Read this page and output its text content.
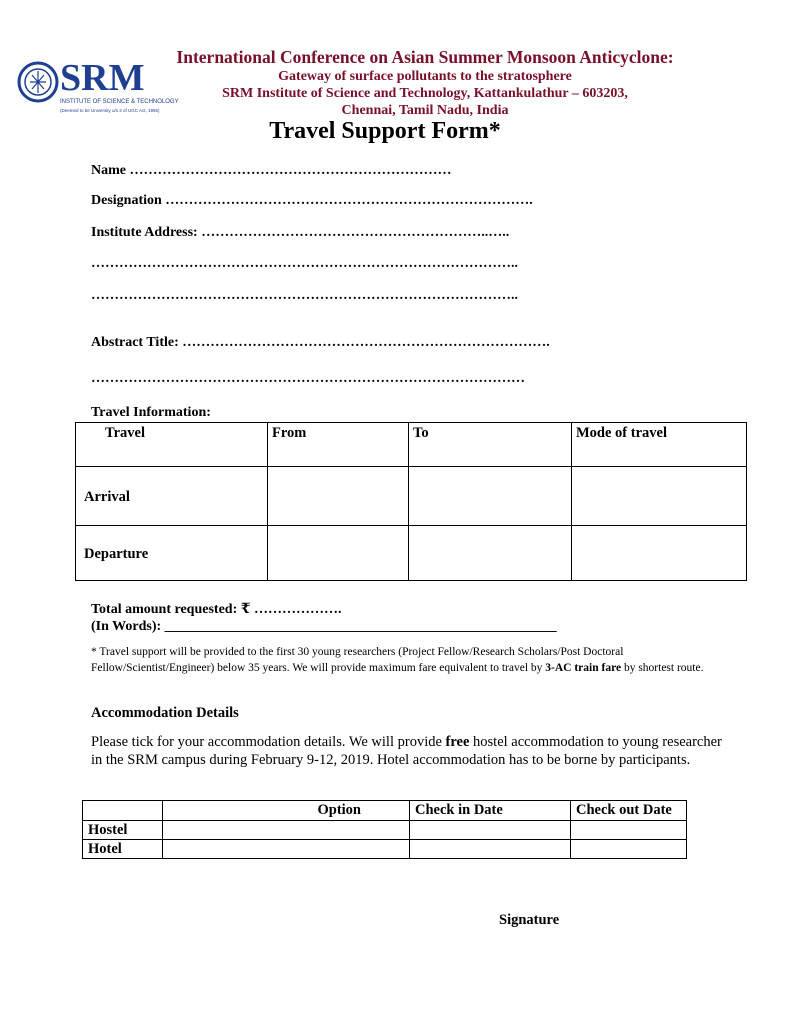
SRM
INSTITUTE OF SCIENCE & TECHNOLOGY
(Deemed to be University u/s 3 of UGC Act, 1956)
International Conference on Asian Summer Monsoon Anticyclone:
Gateway of surface pollutants to the stratosphere
SRM Institute of Science and Technology, Kattankulathur – 603203,
Chennai, Tamil Nadu, India
Travel Support Form*
Name ……………………………………………………………
Designation …………………………………………………………………….
Institute Address: ……………………………………………………..…..
………………………………………………………………………………..
………………………………………………………………………………..
Abstract Title: …………………………………………………………………….
…………………………………………………………………………………
Travel Information:
Travel	From	To	Mode of travel
Arrival			
Departure			
Total amount requested: ₹ ……………….
(In Words): ________________________________________________________
* Travel support will be provided to the first 30 young researchers (Project Fellow/Research Scholars/Post Doctoral Fellow/Scientist/Engineer) below 35 years. We will provide maximum fare equivalent to travel by 3-AC train fare by shortest route.
Accommodation Details
Please tick for your accommodation details. We will provide free hostel accommodation to young researcher in the SRM campus during February 9-12, 2019. Hotel accommodation has to be borne by participants.
	Option	Check in Date	Check out Date
Hostel			
Hotel			
Signature
